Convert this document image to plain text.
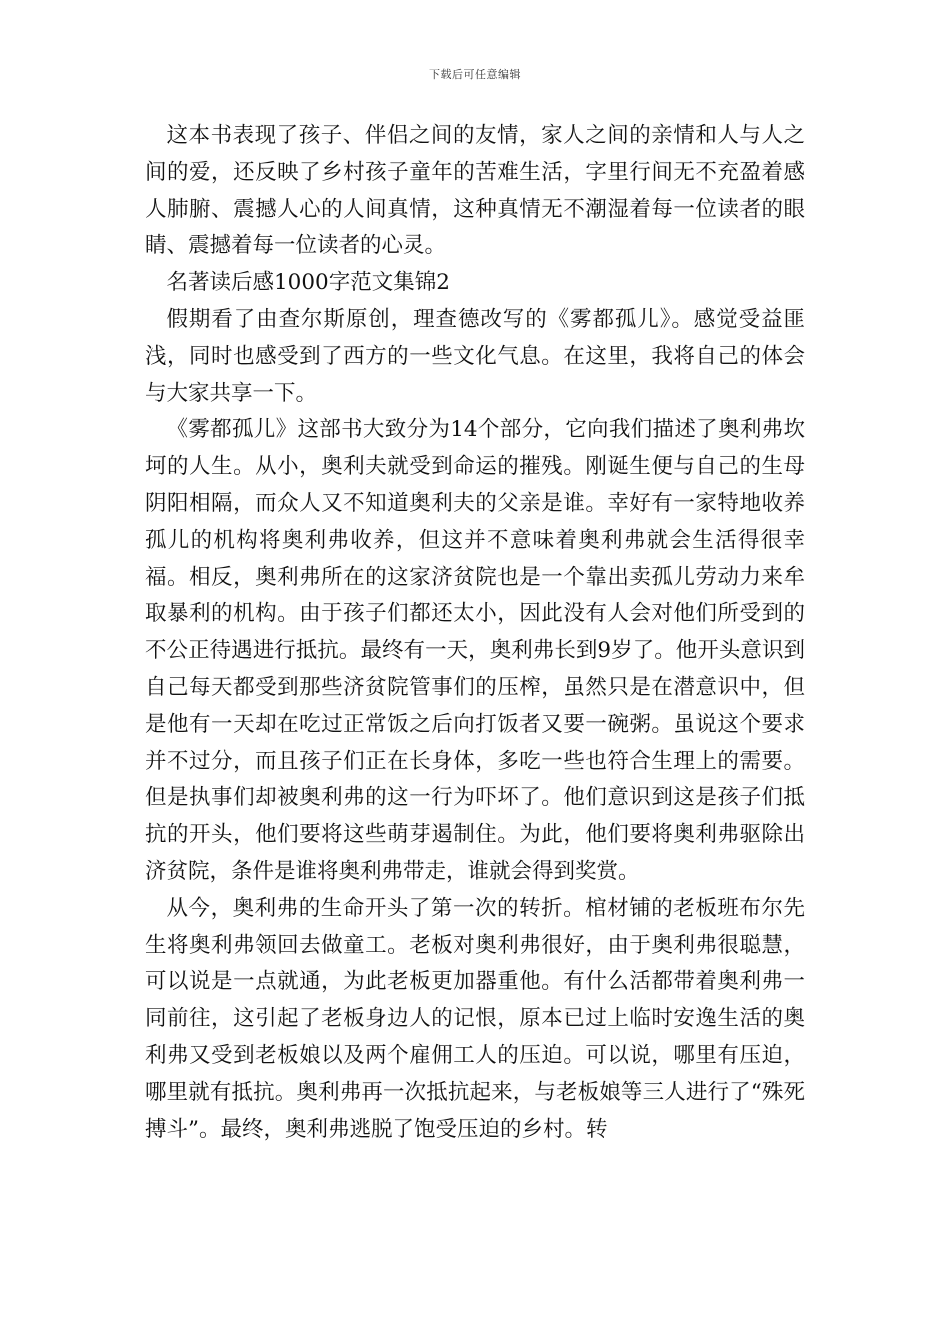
下载后可任意编辑

这本书表现了孩子、伴侣之间的友情，家人之间的亲情和人与人之间的爱，还反映了乡村孩子童年的苦难生活，字里行间无不充盈着感人肺腑、震撼人心的人间真情，这种真情无不潮湿着每一位读者的眼睛、震撼着每一位读者的心灵。

名著读后感1000字范文集锦2

假期看了由查尔斯原创，理查德改写的《雾都孤儿》。感觉受益匪浅，同时也感受到了西方的一些文化气息。在这里，我将自己的体会与大家共享一下。

《雾都孤儿》这部书大致分为14个部分，它向我们描述了奥利弗坎坷的人生。从小，奥利夫就受到命运的摧残。刚诞生便与自己的生母阴阳相隔，而众人又不知道奥利夫的父亲是谁。幸好有一家特地收养孤儿的机构将奥利弗收养，但这并不意味着奥利弗就会生活得很幸福。相反，奥利弗所在的这家济贫院也是一个靠出卖孤儿劳动力来牟取暴利的机构。由于孩子们都还太小，因此没有人会对他们所受到的不公正待遇进行抵抗。最终有一天，奥利弗长到9岁了。他开头意识到自己每天都受到那些济贫院管事们的压榨，虽然只是在潜意识中，但是他有一天却在吃过正常饭之后向打饭者又要一碗粥。虽说这个要求并不过分，而且孩子们正在长身体，多吃一些也符合生理上的需要。但是执事们却被奥利弗的这一行为吓坏了。他们意识到这是孩子们抵抗的开头，他们要将这些萌芽遏制住。为此，他们要将奥利弗驱除出济贫院，条件是谁将奥利弗带走，谁就会得到奖赏。

从今，奥利弗的生命开头了第一次的转折。棺材铺的老板班布尔先生将奥利弗领回去做童工。老板对奥利弗很好，由于奥利弗很聪慧，可以说是一点就通，为此老板更加器重他。有什么活都带着奥利弗一同前往，这引起了老板身边人的记恨，原本已过上临时安逸生活的奥利弗又受到老板娘以及两个雇佣工人的压迫。可以说，哪里有压迫，哪里就有抵抗。奥利弗再一次抵抗起来，与老板娘等三人进行了“殊死搏斗”。最终，奥利弗逃脱了饱受压迫的乡村。转
